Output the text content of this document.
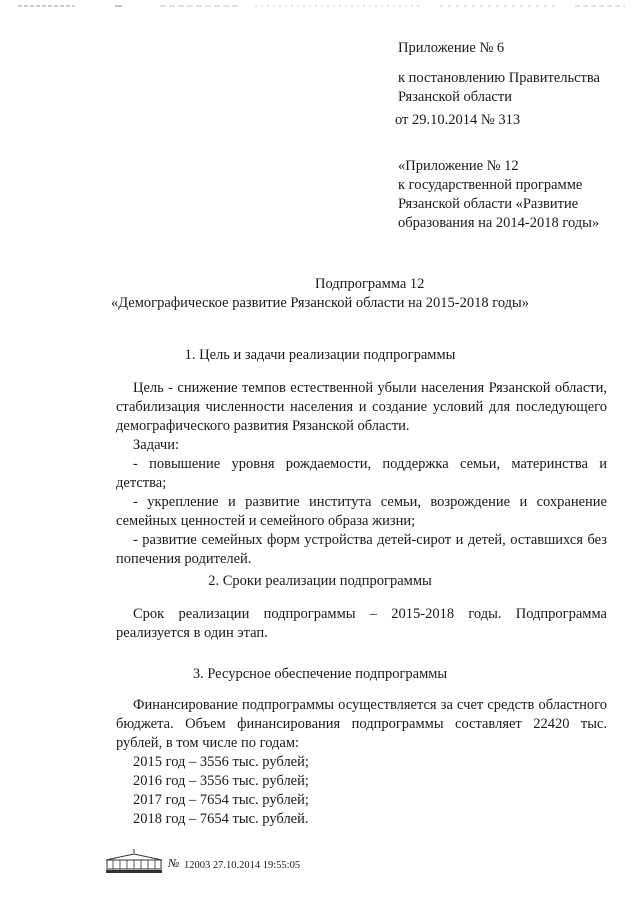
Приложение № 6
к постановлению Правительства
Рязанской области
от 29.10.2014 № 313
«Приложение № 12
к государственной программе
Рязанской области «Развитие
образования на 2014-2018 годы»
Подпрограмма 12
«Демографическое развитие Рязанской области на 2015-2018 годы»
1. Цель и задачи реализации подпрограммы
Цель - снижение темпов естественной убыли населения Рязанской области, стабилизация численности населения и создание условий для последующего демографического развития Рязанской области.
Задачи:
- повышение уровня рождаемости, поддержка семьи, материнства и детства;
- укрепление и развитие института семьи, возрождение и сохранение семейных ценностей и семейного образа жизни;
- развитие семейных форм устройства детей-сирот и детей, оставшихся без попечения родителей.
2. Сроки реализации подпрограммы
Срок реализации подпрограммы – 2015-2018 годы. Подпрограмма реализуется в один этап.
3. Ресурсное обеспечение подпрограммы
Финансирование подпрограммы осуществляется за счет средств областного бюджета. Объем финансирования подпрограммы составляет 22420 тыс. рублей, в том числе по годам:
2015 год – 3556 тыс. рублей;
2016 год – 3556 тыс. рублей;
2017 год – 7654 тыс. рублей;
2018 год – 7654 тыс. рублей.
№ 12003 27.10.2014 19:55:05
